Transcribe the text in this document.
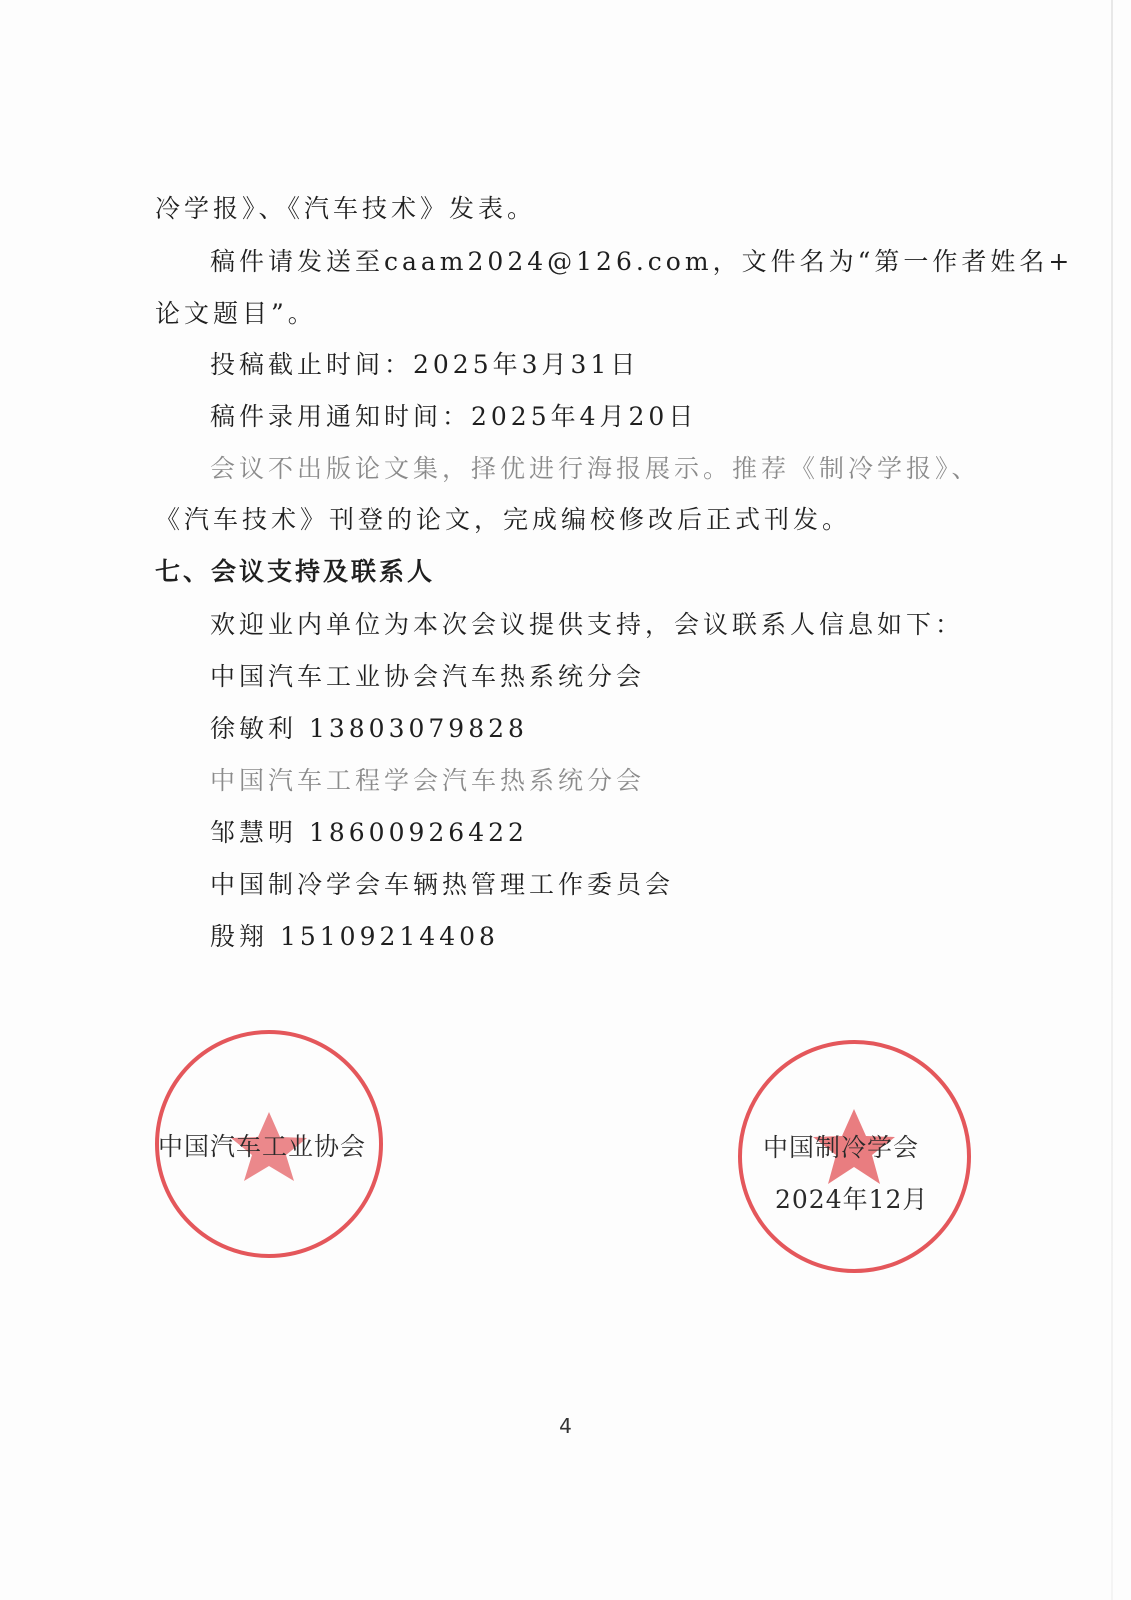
冷学报》、《汽车技术》发表。
稿件请发送至caam2024@126.com，文件名为“第一作者姓名+
论文题目”。
投稿截止时间：2025年3月31日
稿件录用通知时间：2025年4月20日
会议不出版论文集，择优进行海报展示。推荐《制冷学报》、
《汽车技术》刊登的论文，完成编校修改后正式刊发。
七、会议支持及联系人
欢迎业内单位为本次会议提供支持，会议联系人信息如下：
中国汽车工业协会汽车热系统分会
徐敏利 13803079828
中国汽车工程学会汽车热系统分会
邹慧明 18600926422
中国制冷学会车辆热管理工作委员会
殷翔 15109214408
中国汽车工业协会	中国制冷学会
2024年12月
4
